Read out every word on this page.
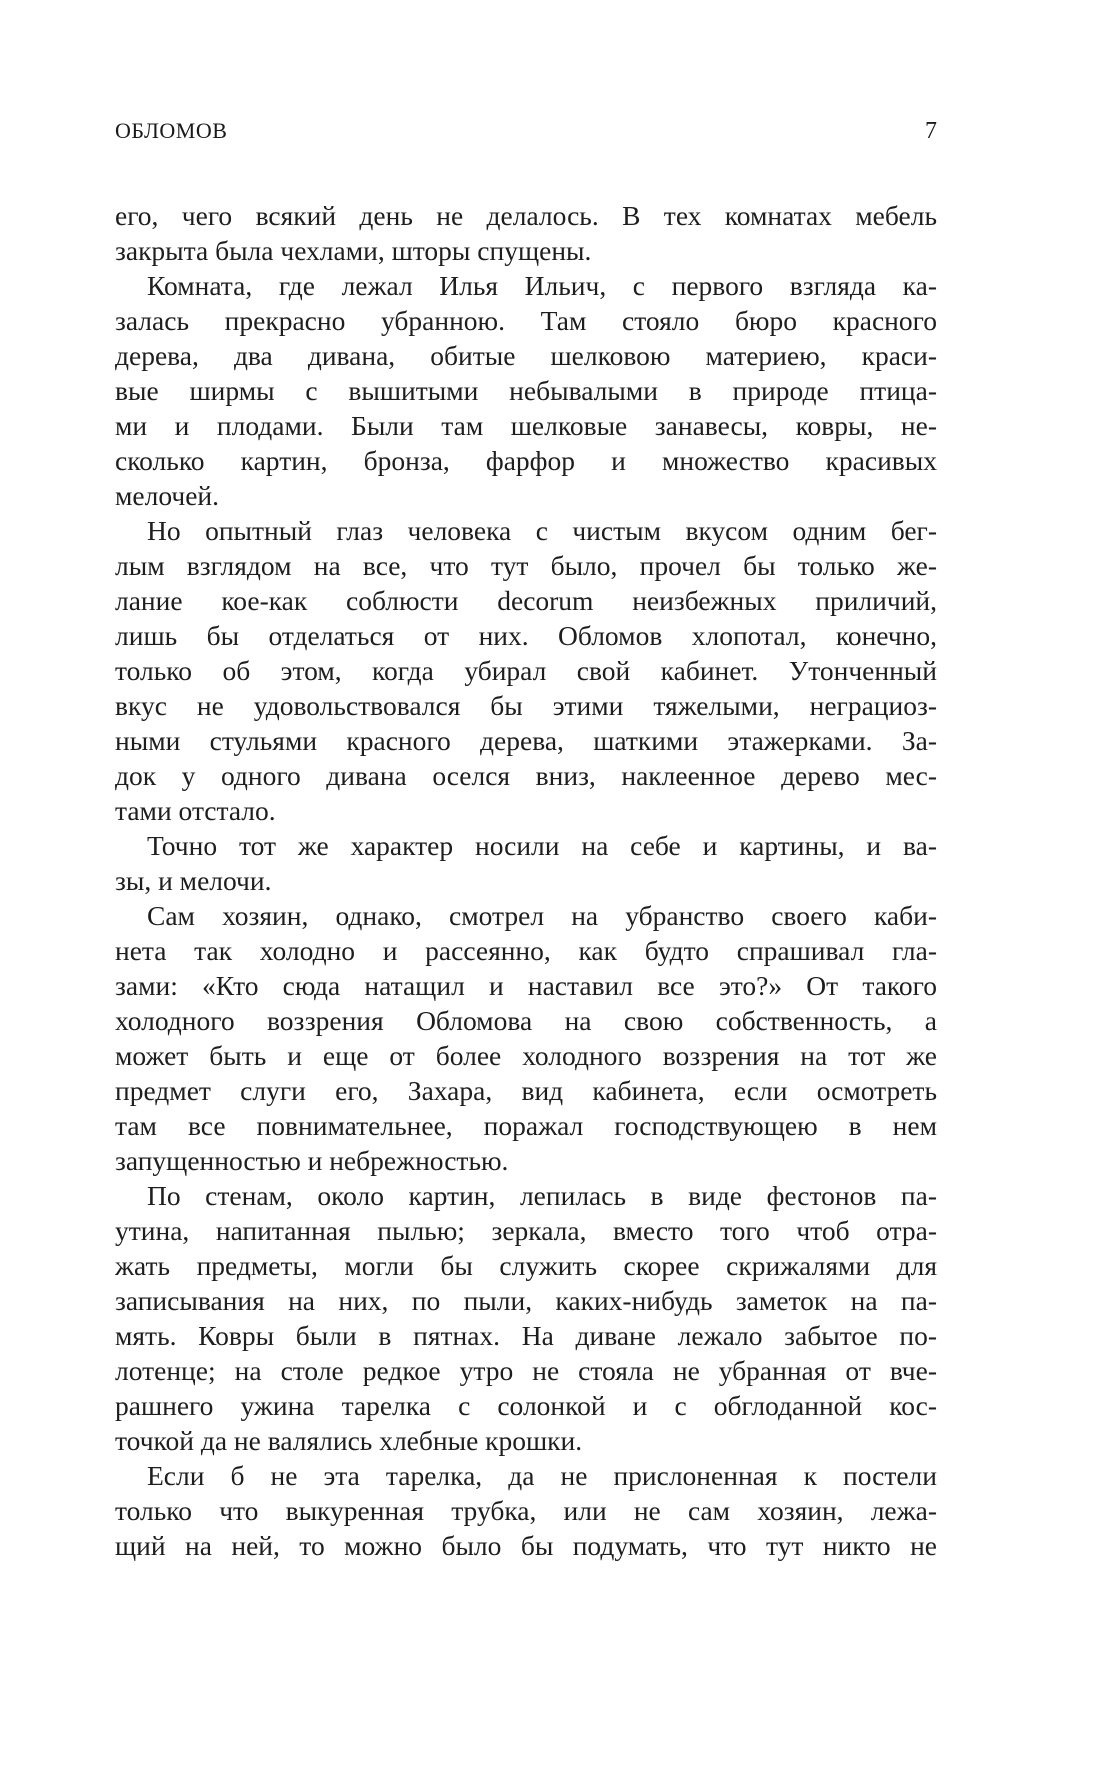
ОБЛОМОВ	7
его, чего всякий день не делалось. В тех комнатах мебель
закрыта была чехлами, шторы спущены.
Комната, где лежал Илья Ильич, с первого взгляда ка-
залась прекрасно убранною. Там стояло бюро красного
дерева, два дивана, обитые шелковою материею, краси-
вые ширмы с вышитыми небывалыми в природе птица-
ми и плодами. Были там шелковые занавесы, ковры, не-
сколько картин, бронза, фарфор и множество красивых
мелочей.
Но опытный глаз человека с чистым вкусом одним бег-
лым взглядом на все, что тут было, прочел бы только же-
лание кое-как соблюсти decorum неизбежных приличий,
лишь бы отделаться от них. Обломов хлопотал, конечно,
только об этом, когда убирал свой кабинет. Утонченный
вкус не удовольствовался бы этими тяжелыми, неграциоз-
ными стульями красного дерева, шаткими этажерками. За-
док у одного дивана оселся вниз, наклеенное дерево мес-
тами отстало.
Точно тот же характер носили на себе и картины, и ва-
зы, и мелочи.
Сам хозяин, однако, смотрел на убранство своего каби-
нета так холодно и рассеянно, как будто спрашивал гла-
зами: «Кто сюда натащил и наставил все это?» От такого
холодного воззрения Обломова на свою собственность, а
может быть и еще от более холодного воззрения на тот же
предмет слуги его, Захара, вид кабинета, если осмотреть
там все повнимательнее, поражал господствующею в нем
запущенностью и небрежностью.
По стенам, около картин, лепилась в виде фестонов па-
утина, напитанная пылью; зеркала, вместо того чтоб отра-
жать предметы, могли бы служить скорее скрижалями для
записывания на них, по пыли, каких-нибудь заметок на па-
мять. Ковры были в пятнах. На диване лежало забытое по-
лотенце; на столе редкое утро не стояла не убранная от вче-
рашнего ужина тарелка с солонкой и с обглоданной кос-
точкой да не валялись хлебные крошки.
Если б не эта тарелка, да не прислоненная к постели
только что выкуренная трубка, или не сам хозяин, лежа-
щий на ней, то можно было бы подумать, что тут никто не
